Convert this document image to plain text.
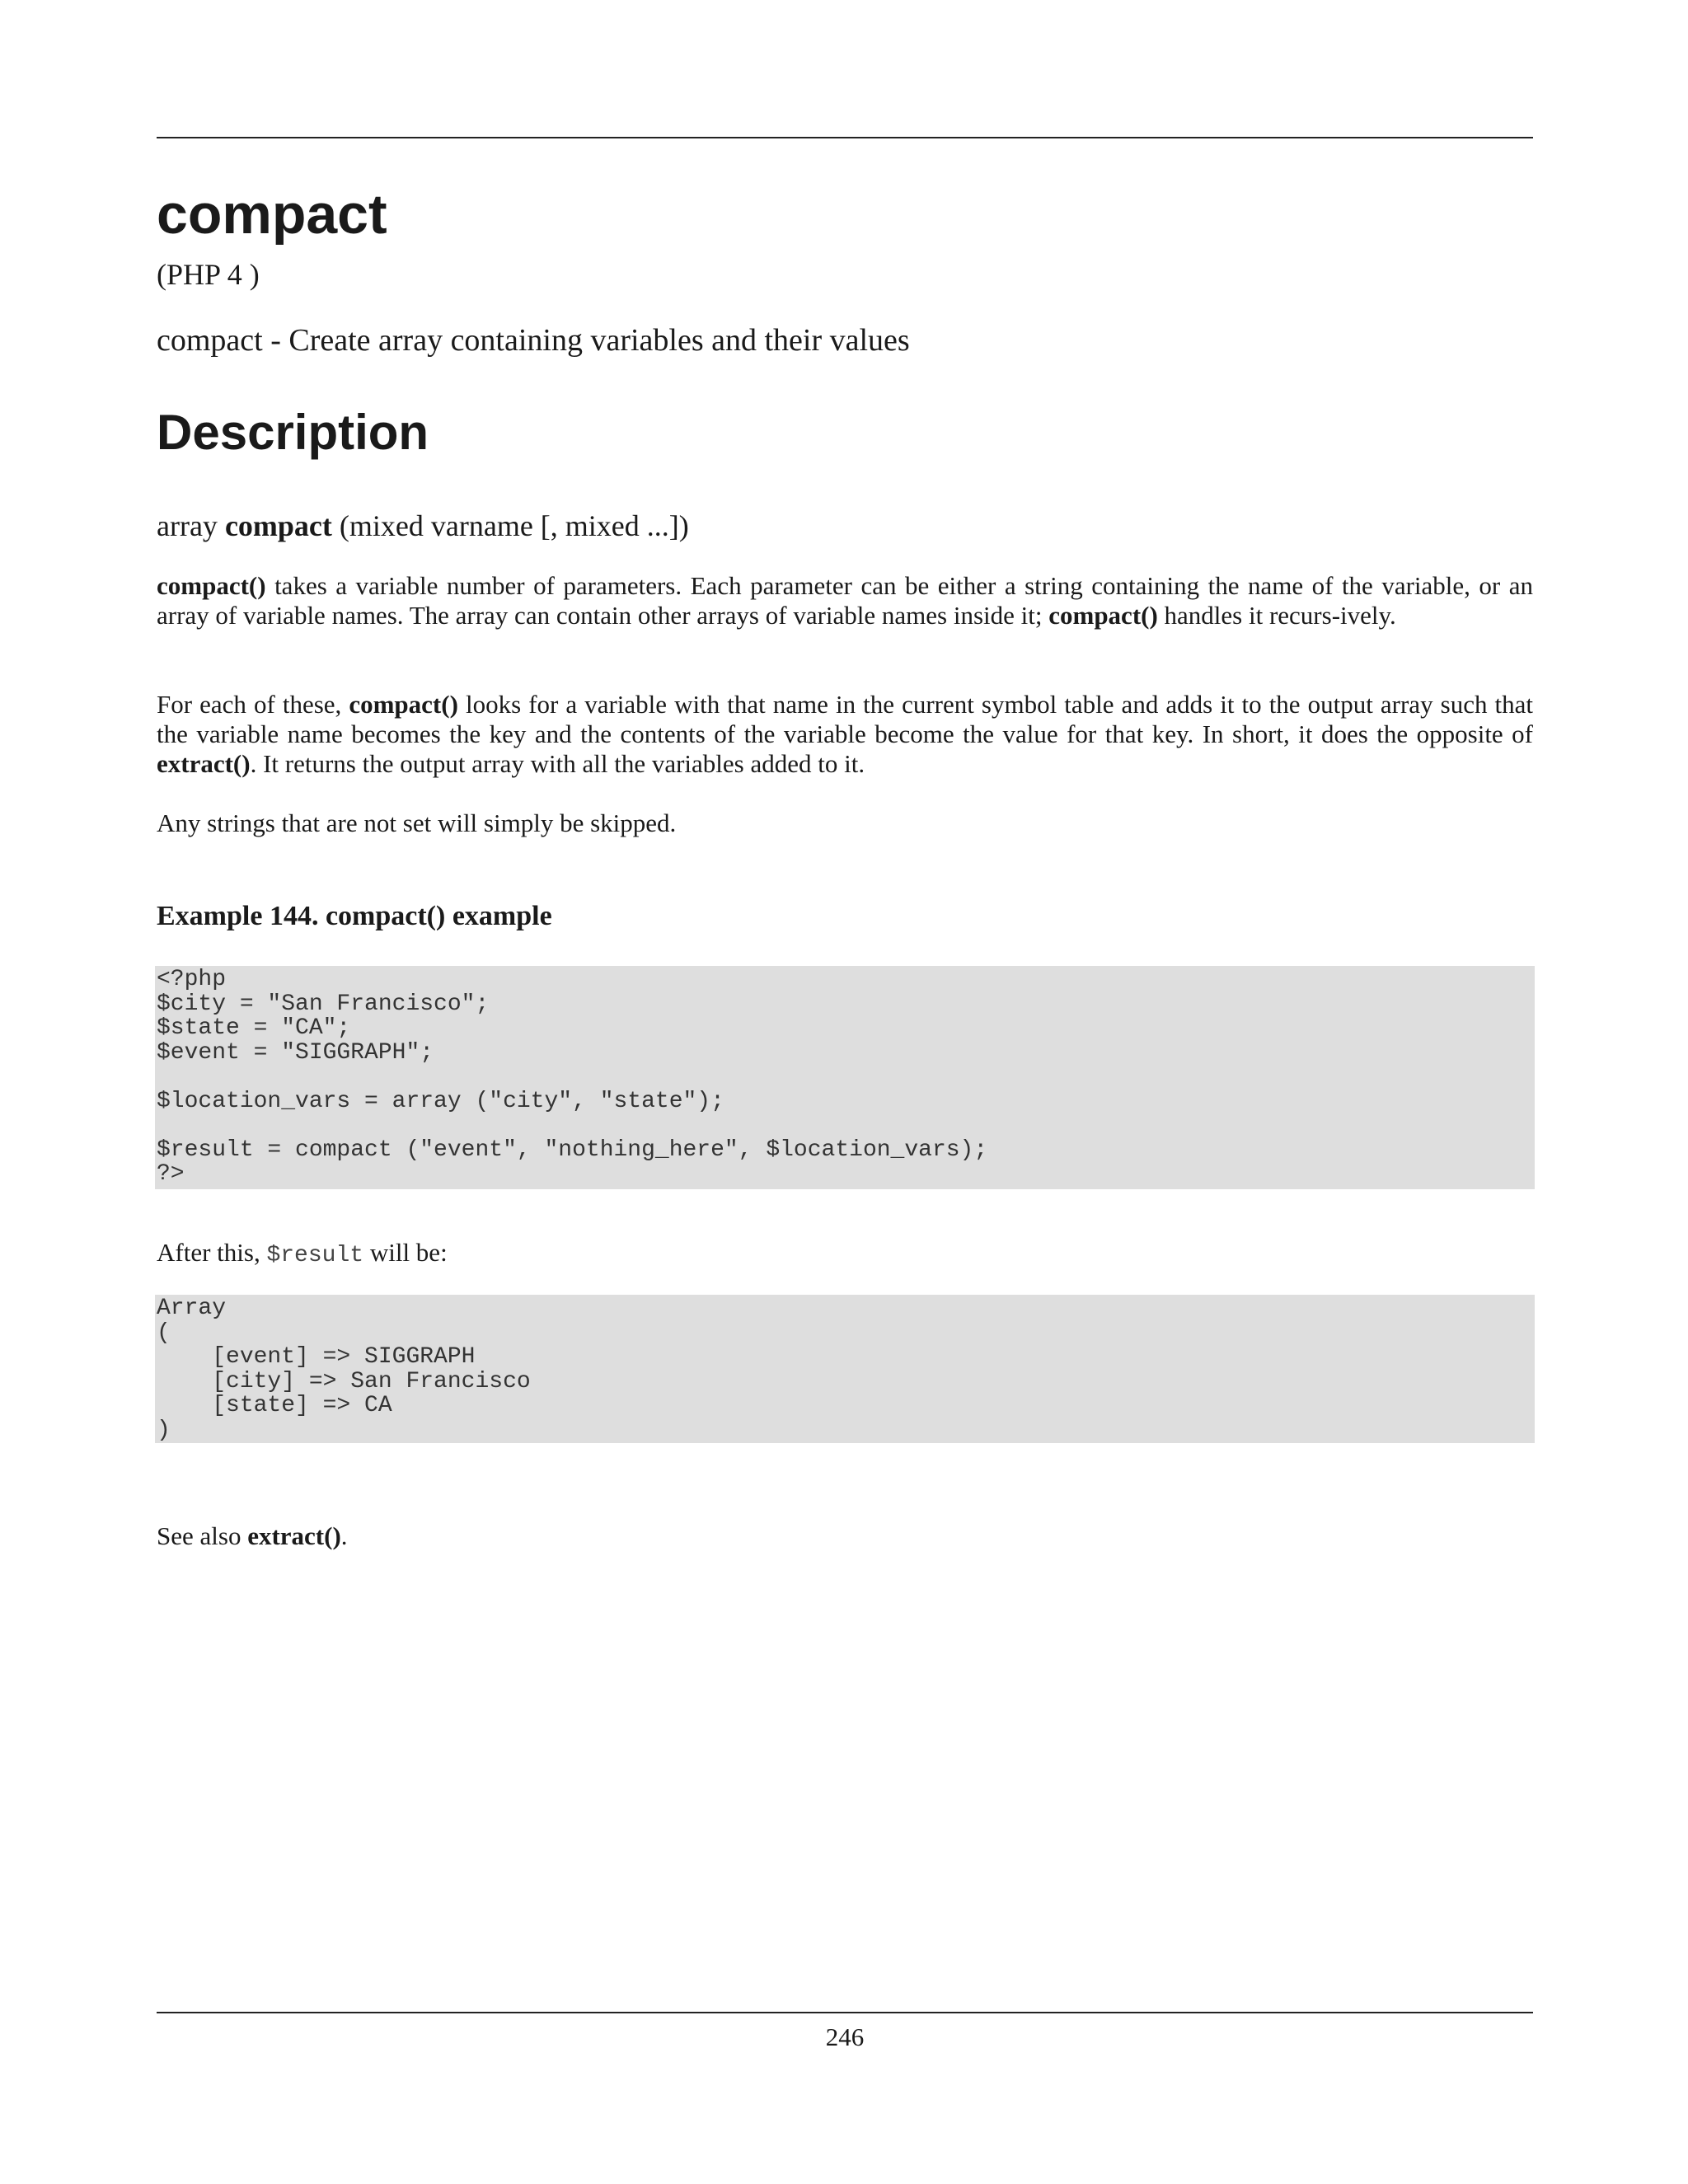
compact
(PHP 4 )
compact - Create array containing variables and their values
Description
array compact (mixed varname [, mixed ...])

compact() takes a variable number of parameters. Each parameter can be either a string containing the name of the variable, or an array of variable names. The array can contain other arrays of variable names inside it; compact() handles it recurs-ively.

For each of these, compact() looks for a variable with that name in the current symbol table and adds it to the output array such that the variable name becomes the key and the contents of the variable become the value for that key. In short, it does the opposite of extract(). It returns the output array with all the variables added to it.

Any strings that are not set will simply be skipped.

Example 144. compact() example
<?php
$city = "San Francisco";
$state = "CA";
$event = "SIGGRAPH";

$location_vars = array ("city", "state");

$result = compact ("event", "nothing_here", $location_vars);
?>
After this, $result will be:
Array
(
[event] => SIGGRAPH
[city] => San Francisco
[state] => CA
)
See also extract().
246
